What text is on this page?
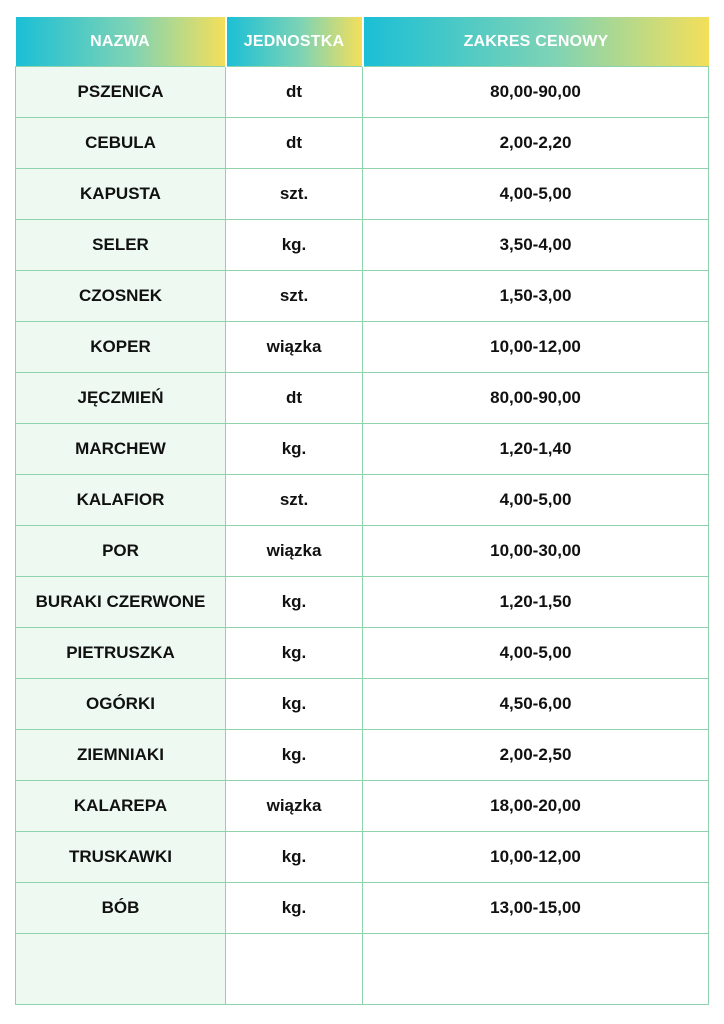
NAZWA	JEDNOSTKA	ZAKRES CENOWY
PSZENICA	dt	80,00-90,00
CEBULA	dt	2,00-2,20
KAPUSTA	szt.	4,00-5,00
SELER	kg.	3,50-4,00
CZOSNEK	szt.	1,50-3,00
KOPER	wiązka	10,00-12,00
JĘCZMIEŃ	dt	80,00-90,00
MARCHEW	kg.	1,20-1,40
KALAFIOR	szt.	4,00-5,00
POR	wiązka	10,00-30,00
BURAKI CZERWONE	kg.	1,20-1,50
PIETRUSZKA	kg.	4,00-5,00
OGÓRKI	kg.	4,50-6,00
ZIEMNIAKI	kg.	2,00-2,50
KALAREPA	wiązka	18,00-20,00
TRUSKAWKI	kg.	10,00-12,00
BÓB	kg.	13,00-15,00
